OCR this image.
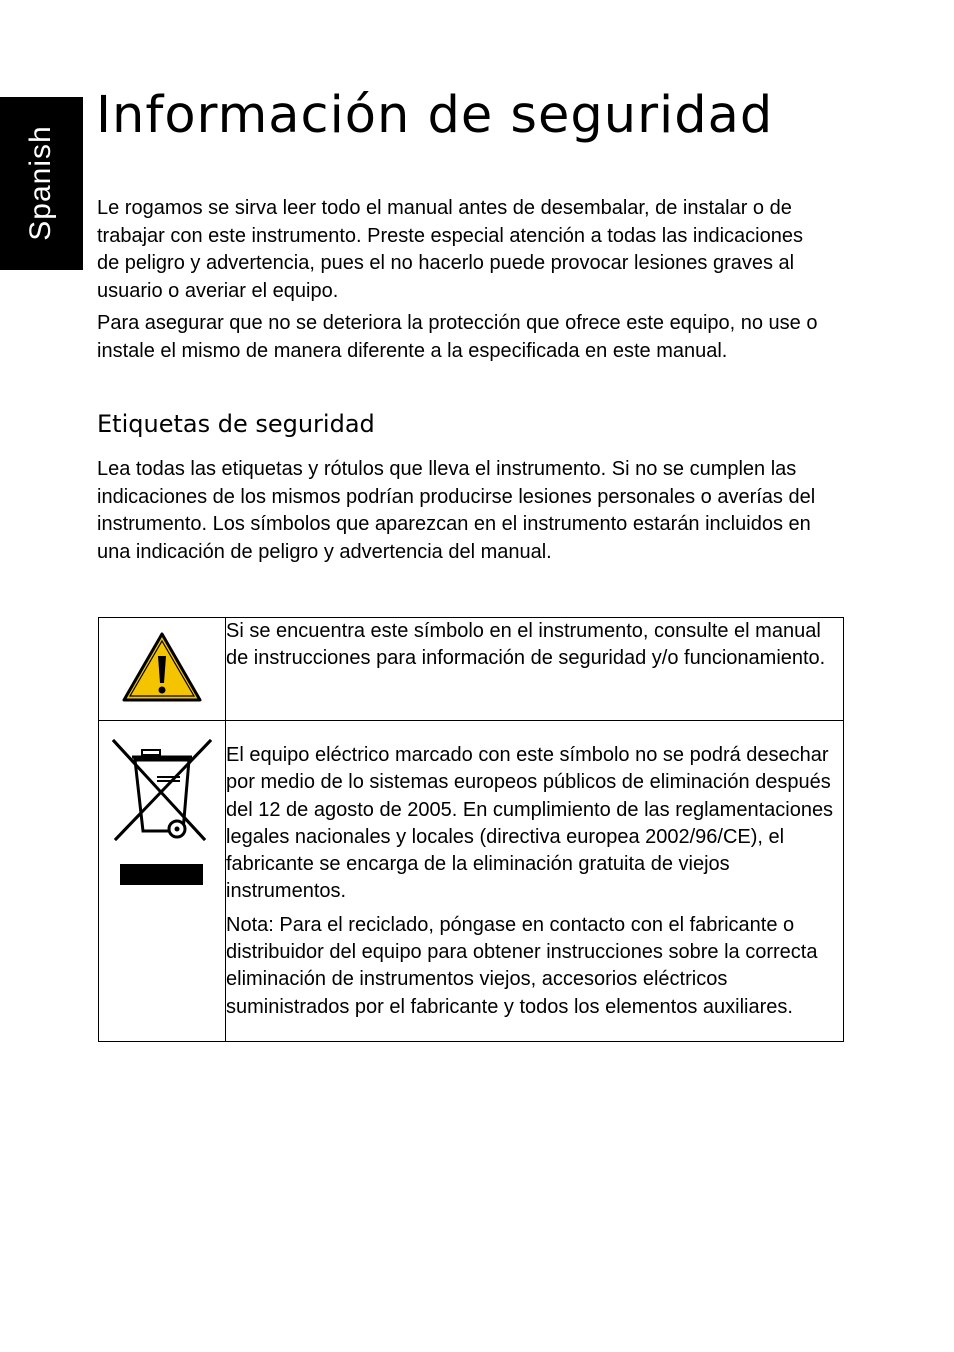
Spanish
Información de seguridad

Le rogamos se sirva leer todo el manual antes de desembalar, de instalar o de trabajar con este instrumento. Preste especial atención a todas las indicaciones de peligro y advertencia, pues el no hacerlo puede provocar lesiones graves al usuario o averiar el equipo.

Para asegurar que no se deteriora la protección que ofrece este equipo, no use o instale el mismo de manera diferente a la especificada en este manual.

Etiquetas de seguridad

Lea todas las etiquetas y rótulos que lleva el instrumento. Si no se cumplen las indicaciones de los mismos podrían producirse lesiones personales o averías del instrumento. Los símbolos que aparezcan en el instrumento estarán incluidos en una indicación de peligro y advertencia del manual.

Si se encuentra este símbolo en el instrumento, consulte el manual de instrucciones para información de seguridad y/o funcionamiento.

El equipo eléctrico marcado con este símbolo no se podrá desechar por medio de lo sistemas europeos públicos de eliminación después del 12 de agosto de 2005. En cumplimiento de las reglamentaciones legales nacionales y locales (directiva europea 2002/96/CE), el fabricante se encarga de la eliminación gratuita de viejos instrumentos.

Nota: Para el reciclado, póngase en contacto con el fabricante o distribuidor del equipo para obtener instrucciones sobre la correcta eliminación de instrumentos viejos, accesorios eléctricos suministrados por el fabricante y todos los elementos auxiliares.
